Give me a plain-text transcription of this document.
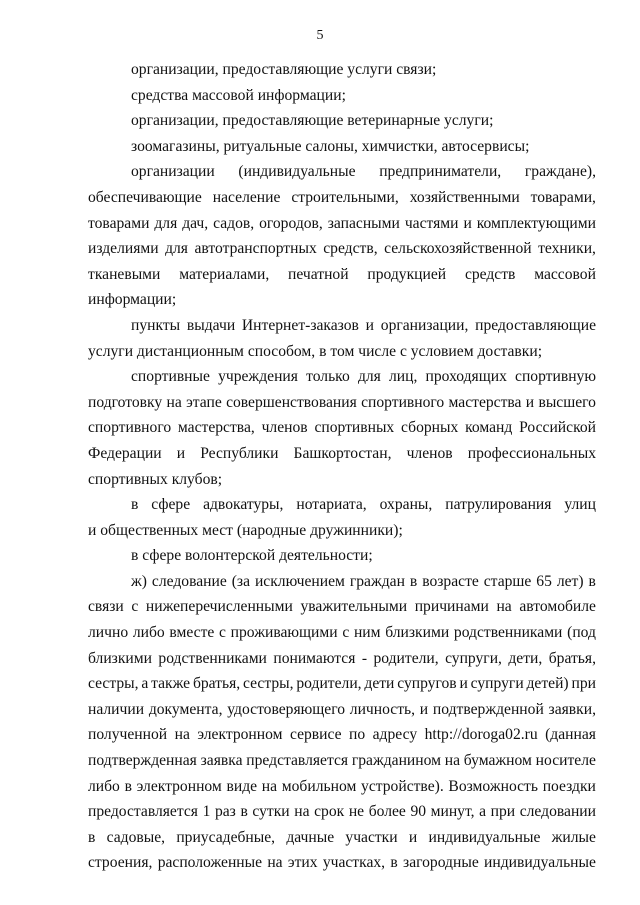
5
организации, предоставляющие услуги связи;
средства массовой информации;
организации, предоставляющие ветеринарные услуги;
зоомагазины, ритуальные салоны, химчистки, автосервисы;
организации (индивидуальные предприниматели, граждане),
обеспечивающие население строительными, хозяйственными товарами,
товарами для дач, садов, огородов, запасными частями и комплектующими
изделиями для автотранспортных средств, сельскохозяйственной техники,
тканевыми материалами, печатной продукцией средств массовой
информации;
пункты выдачи Интернет-заказов и организации, предоставляющие
услуги дистанционным способом, в том числе с условием доставки;
спортивные учреждения только для лиц, проходящих спортивную
подготовку на этапе совершенствования спортивного мастерства и высшего
спортивного мастерства, членов спортивных сборных команд Российской
Федерации и Республики Башкортостан, членов профессиональных
спортивных клубов;
в сфере адвокатуры, нотариата, охраны, патрулирования улиц
и общественных мест (народные дружинники);
в сфере волонтерской деятельности;
ж) следование (за исключением граждан в возрасте старше 65 лет) в
связи с нижеперечисленными уважительными причинами на автомобиле
лично либо вместе с проживающими с ним близкими родственниками (под
близкими родственниками понимаются - родители, супруги, дети, братья,
сестры, а также братья, сестры, родители, дети супругов и супруги детей) при
наличии документа, удостоверяющего личность, и подтвержденной заявки,
полученной на электронном сервисе по адресу http://doroga02.ru (данная
подтвержденная заявка представляется гражданином на бумажном носителе
либо в электронном виде на мобильном устройстве). Возможность поездки
предоставляется 1 раз в сутки на срок не более 90 минут, а при следовании
в садовые, приусадебные, дачные участки и индивидуальные жилые
строения, расположенные на этих участках, в загородные индивидуальные
